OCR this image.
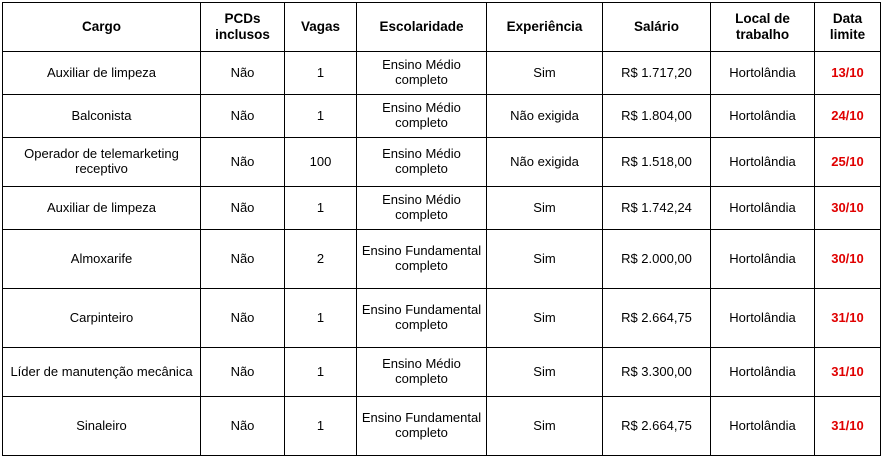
Cargo	PCDs inclusos	Vagas	Escolaridade	Experiência	Salário	Local de trabalho	Data limite
Auxiliar de limpeza	Não	1	Ensino Médio completo	Sim	R$ 1.717,20	Hortolândia	13/10
Balconista	Não	1	Ensino Médio completo	Não exigida	R$ 1.804,00	Hortolândia	24/10
Operador de telemarketing receptivo	Não	100	Ensino Médio completo	Não exigida	R$ 1.518,00	Hortolândia	25/10
Auxiliar de limpeza	Não	1	Ensino Médio completo	Sim	R$ 1.742,24	Hortolândia	30/10
Almoxarife	Não	2	Ensino Fundamental completo	Sim	R$ 2.000,00	Hortolândia	30/10
Carpinteiro	Não	1	Ensino Fundamental completo	Sim	R$ 2.664,75	Hortolândia	31/10
Líder de manutenção mecânica	Não	1	Ensino Médio completo	Sim	R$ 3.300,00	Hortolândia	31/10
Sinaleiro	Não	1	Ensino Fundamental completo	Sim	R$ 2.664,75	Hortolândia	31/10
